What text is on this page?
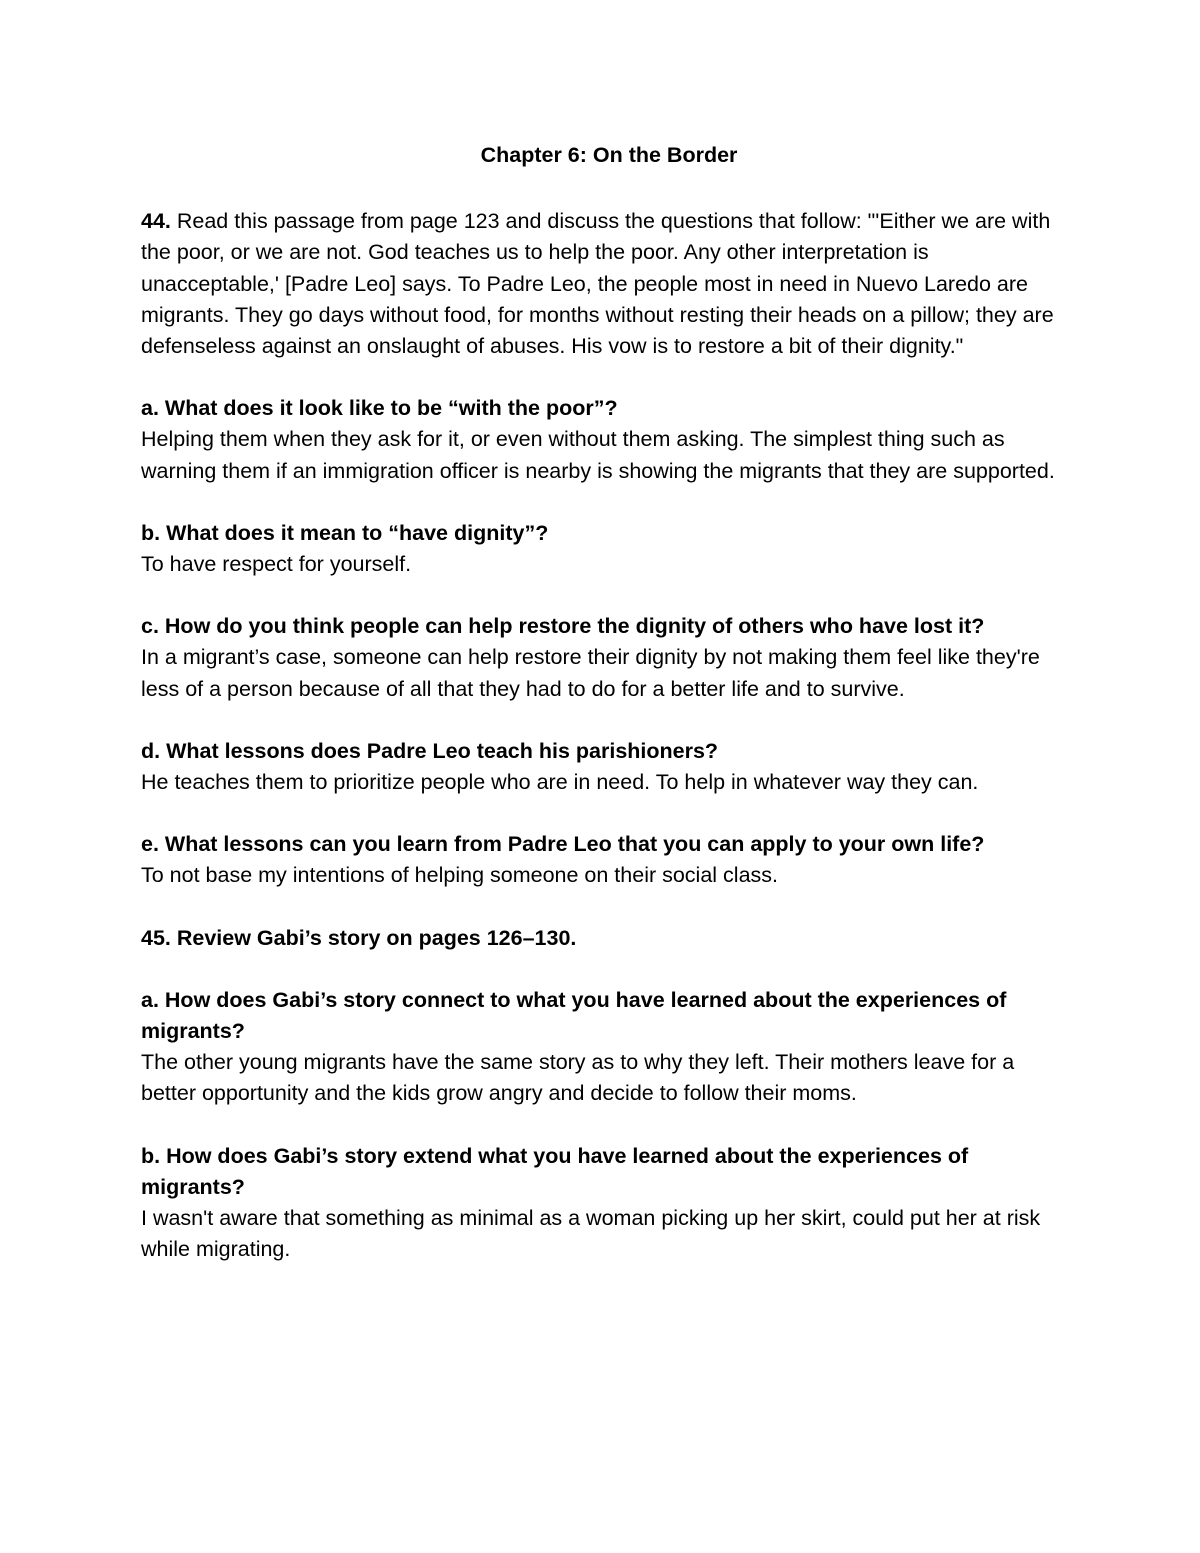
Chapter 6: On the Border
44. Read this passage from page 123 and discuss the questions that follow: "'Either we are with the poor, or we are not. God teaches us to help the poor. Any other interpretation is unacceptable,' [Padre Leo] says. To Padre Leo, the people most in need in Nuevo Laredo are migrants. They go days without food, for months without resting their heads on a pillow; they are defenseless against an onslaught of abuses. His vow is to restore a bit of their dignity."
a. What does it look like to be “with the poor”?
Helping them when they ask for it, or even without them asking. The simplest thing such as warning them if an immigration officer is nearby is showing the migrants that they are supported.
b. What does it mean to “have dignity”?
To have respect for yourself.
c. How do you think people can help restore the dignity of others who have lost it?
In a migrant’s case, someone can help restore their dignity by not making them feel like they're less of a person because of all that they had to do for a better life and to survive.
d. What lessons does Padre Leo teach his parishioners?
He teaches them to prioritize people who are in need. To help in whatever way they can.
e. What lessons can you learn from Padre Leo that you can apply to your own life?
To not base my intentions of helping someone on their social class.
45. Review Gabi’s story on pages 126–130.
a. How does Gabi’s story connect to what you have learned about the experiences of migrants?
The other young migrants have the same story as to why they left. Their mothers leave for a better opportunity and the kids grow angry and decide to follow their moms.
b. How does Gabi’s story extend what you have learned about the experiences of migrants?
I wasn't aware that something as minimal as a woman picking up her skirt, could put her at risk while migrating.
